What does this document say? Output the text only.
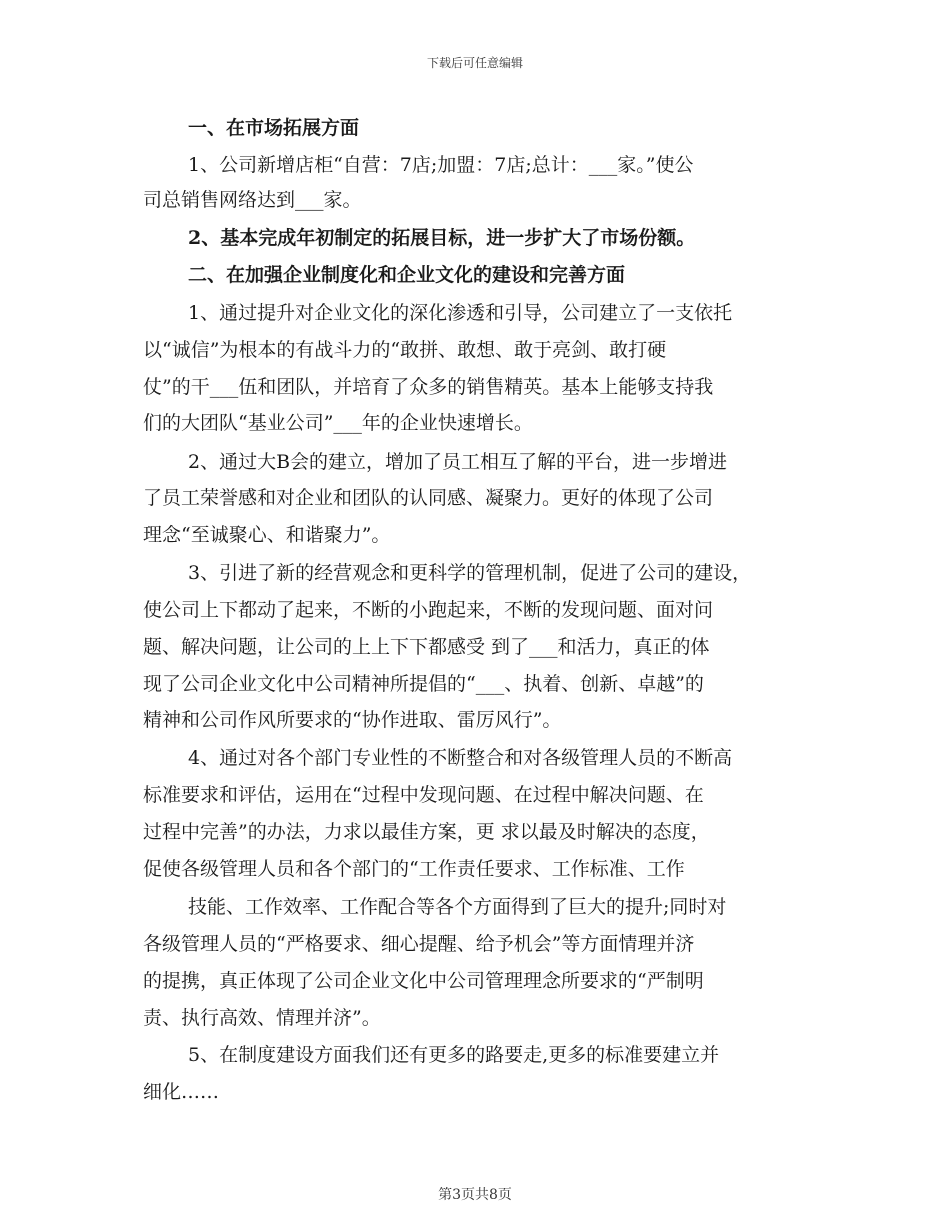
下载后可任意编辑
一、在市场拓展方面
1、公司新增店柜“自营：7店;加盟：7店;总计：___家。”使公
司总销售网络达到___家。
2、基本完成年初制定的拓展目标，进一步扩大了市场份额。
二、在加强企业制度化和企业文化的建设和完善方面
1、通过提升对企业文化的深化渗透和引导，公司建立了一支依托
以“诚信”为根本的有战斗力的“敢拼、敢想、敢于亮剑、敢打硬
仗”的干___伍和团队，并培育了众多的销售精英。基本上能够支持我
们的大团队“基业公司”___年的企业快速增长。
2、通过大B会的建立，增加了员工相互了解的平台，进一步增进
了员工荣誉感和对企业和团队的认同感、凝聚力。更好的体现了公司
理念“至诚聚心、和谐聚力”。
3、引进了新的经营观念和更科学的管理机制，促进了公司的建设，
使公司上下都动了起来，不断的小跑起来，不断的发现问题、面对问
题、解决问题，让公司的上上下下都感受 到了___和活力，真正的体
现了公司企业文化中公司精神所提倡的“___、执着、创新、卓越”的
精神和公司作风所要求的“协作进取、雷厉风行”。
4、通过对各个部门专业性的不断整合和对各级管理人员的不断高
标准要求和评估，运用在“过程中发现问题、在过程中解决问题、在
过程中完善”的办法，力求以最佳方案，更 求以最及时解决的态度，
促使各级管理人员和各个部门的“工作责任要求、工作标准、工作
技能、工作效率、工作配合等各个方面得到了巨大的提升;同时对
各级管理人员的“严格要求、细心提醒、给予机会”等方面情理并济
的提携，真正体现了公司企业文化中公司管理理念所要求的“严制明
责、执行高效、情理并济”。
5、在制度建设方面我们还有更多的路要走,更多的标准要建立并
细化……
第3页共8页
